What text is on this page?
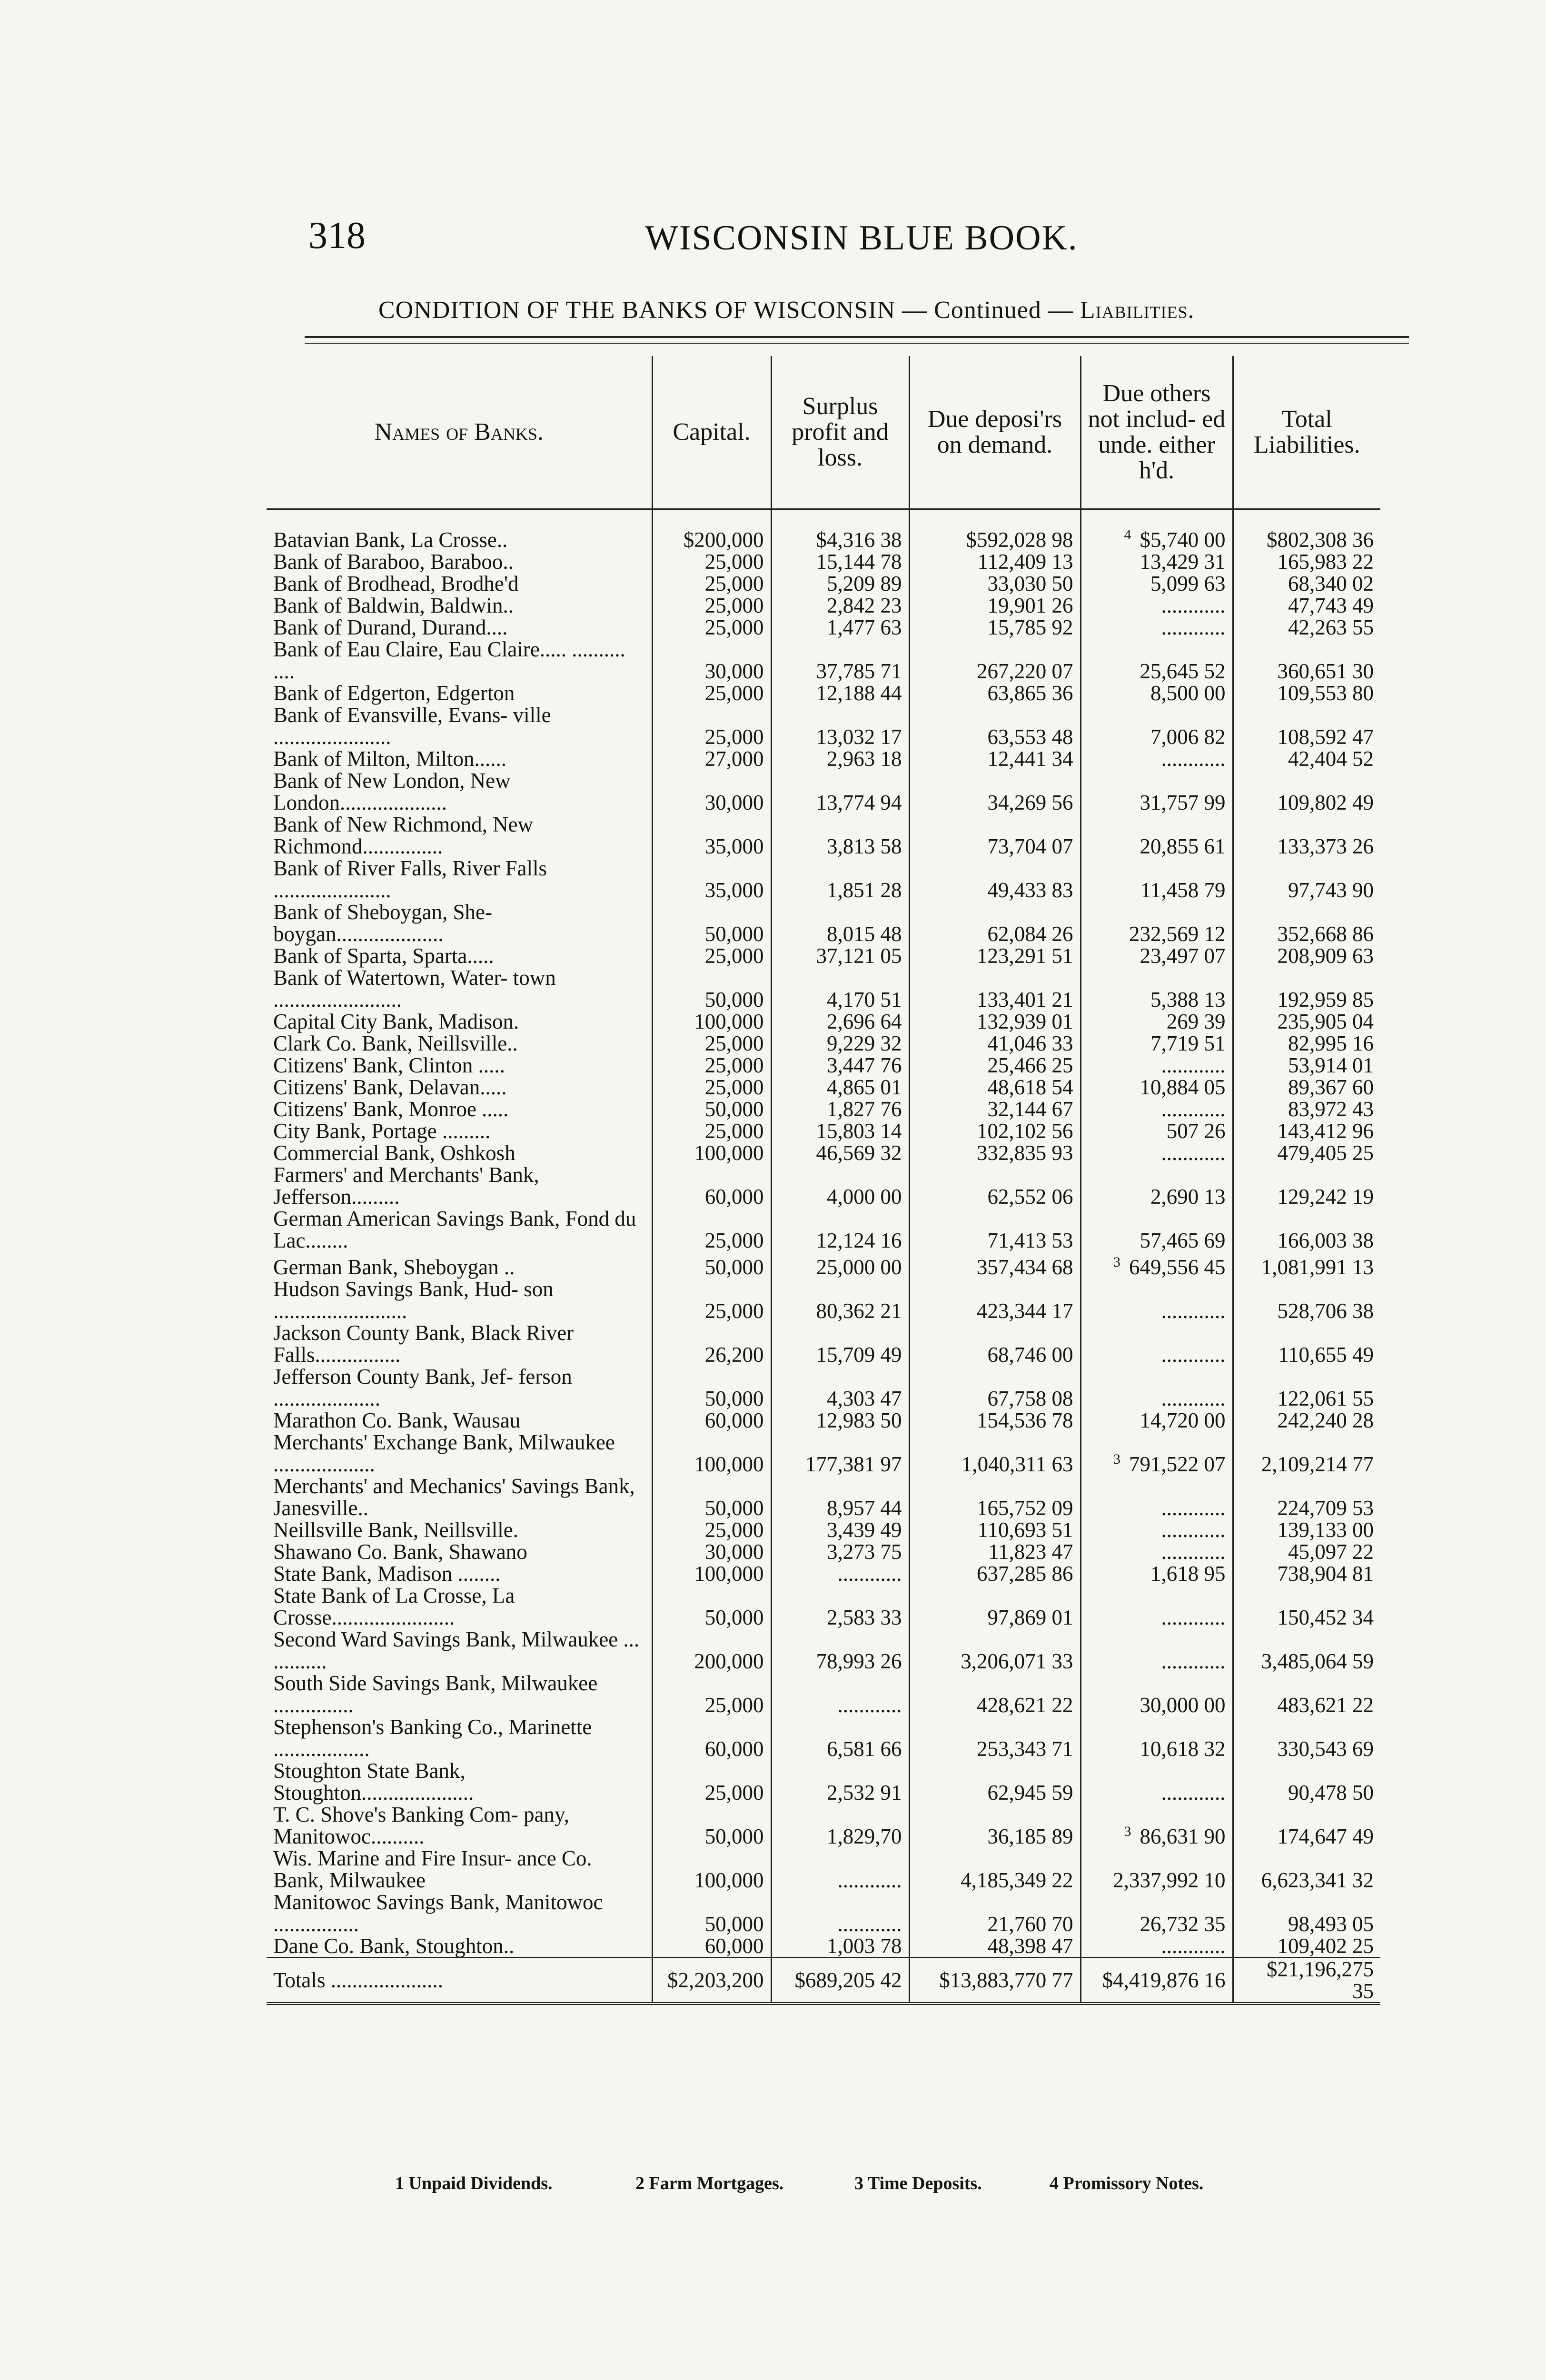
318	WISCONSIN BLUE BOOK.
CONDITION OF THE BANKS OF WISCONSIN — Continued — Liabilities.
Names of Banks.	Capital.	Surplus profit and loss.	Due deposi'rs on demand.	Due others not includ- ed unde. either h'd.	Total Liabilities.

Batavian Bank, La Crosse..	$200,000	$4,316 38	$592,028 98	$^4$ $5,740 00	$802,308 36
Bank of Baraboo, Baraboo..	25,000	15,144 78	112,409 13	13,429 31	165,983 22
Bank of Brodhead, Brodhe'd	25,000	5,209 89	33,030 50	5,099 63	68,340 02
Bank of Baldwin, Baldwin..	25,000	2,842 23	19,901 26	............	47,743 49
Bank of Durand, Durand....	25,000	1,477 63	15,785 92	............	42,263 55
Bank of Eau Claire, Eau Claire..... .......... ....	30,000	37,785 71	267,220 07	25,645 52	360,651 30
Bank of Edgerton, Edgerton	25,000	12,188 44	63,865 36	8,500 00	109,553 80
Bank of Evansville, Evans- ville ......................	25,000	13,032 17	63,553 48	7,006 82	108,592 47
Bank of Milton, Milton......	27,000	2,963 18	12,441 34	............	42,404 52
Bank of New London, New London....................	30,000	13,774 94	34,269 56	31,757 99	109,802 49
Bank of New Richmond, New Richmond...............	35,000	3,813 58	73,704 07	20,855 61	133,373 26
Bank of River Falls, River Falls ......................	35,000	1,851 28	49,433 83	11,458 79	97,743 90
Bank of Sheboygan, She- boygan....................	50,000	8,015 48	62,084 26	232,569 12	352,668 86
Bank of Sparta, Sparta.....	25,000	37,121 05	123,291 51	23,497 07	208,909 63
Bank of Watertown, Water- town ........................	50,000	4,170 51	133,401 21	5,388 13	192,959 85
Capital City Bank, Madison.	100,000	2,696 64	132,939 01	269 39	235,905 04
Clark Co. Bank, Neillsville..	25,000	9,229 32	41,046 33	7,719 51	82,995 16
Citizens' Bank, Clinton .....	25,000	3,447 76	25,466 25	............	53,914 01
Citizens' Bank, Delavan.....	25,000	4,865 01	48,618 54	10,884 05	89,367 60
Citizens' Bank, Monroe .....	50,000	1,827 76	32,144 67	............	83,972 43
City Bank, Portage .........	25,000	15,803 14	102,102 56	507 26	143,412 96
Commercial Bank, Oshkosh	100,000	46,569 32	332,835 93	............	479,405 25
Farmers' and Merchants' Bank, Jefferson.........	60,000	4,000 00	62,552 06	2,690 13	129,242 19
German American Savings Bank, Fond du Lac........	25,000	12,124 16	71,413 53	57,465 69	166,003 38
German Bank, Sheboygan ..	50,000	25,000 00	357,434 68	$^3$ 649,556 45	1,081,991 13
Hudson Savings Bank, Hud- son .........................	25,000	80,362 21	423,344 17	............	528,706 38
Jackson County Bank, Black River Falls................	26,200	15,709 49	68,746 00	............	110,655 49
Jefferson County Bank, Jef- ferson ....................	50,000	4,303 47	67,758 08	............	122,061 55
Marathon Co. Bank, Wausau	60,000	12,983 50	154,536 78	14,720 00	242,240 28
Merchants' Exchange Bank, Milwaukee ...................	100,000	177,381 97	1,040,311 63	$^3$ 791,522 07	2,109,214 77
Merchants' and Mechanics' Savings Bank, Janesville..	50,000	8,957 44	165,752 09	............	224,709 53
Neillsville Bank, Neillsville.	25,000	3,439 49	110,693 51	............	139,133 00
Shawano Co. Bank, Shawano	30,000	3,273 75	11,823 47	............	45,097 22
State Bank, Madison ........	100,000	............	637,285 86	1,618 95	738,904 81
State Bank of La Crosse, La Crosse.......................	50,000	2,583 33	97,869 01	............	150,452 34
Second Ward Savings Bank, Milwaukee ... ..........	200,000	78,993 26	3,206,071 33	............	3,485,064 59
South Side Savings Bank, Milwaukee ...............	25,000	............	428,621 22	30,000 00	483,621 22
Stephenson's Banking Co., Marinette ..................	60,000	6,581 66	253,343 71	10,618 32	330,543 69
Stoughton State Bank, Stoughton.....................	25,000	2,532 91	62,945 59	............	90,478 50
T. C. Shove's Banking Com- pany, Manitowoc..........	50,000	1,829,70	36,185 89	$^3$ 86,631 90	174,647 49
Wis. Marine and Fire Insur- ance Co. Bank, Milwaukee	100,000	............	4,185,349 22	2,337,992 10	6,623,341 32
Manitowoc Savings Bank, Manitowoc ................	50,000	............	21,760 70	26,732 35	98,493 05
Dane Co. Bank, Stoughton..	60,000	1,003 78	48,398 47	............	109,402 25
Totals .....................	$2,203,200	$689,205 42	$13,883,770 77	$4,419,876 16	$21,196,275 35
1 Unpaid Dividends.	2 Farm Mortgages.	3 Time Deposits.	4 Promissory Notes.
